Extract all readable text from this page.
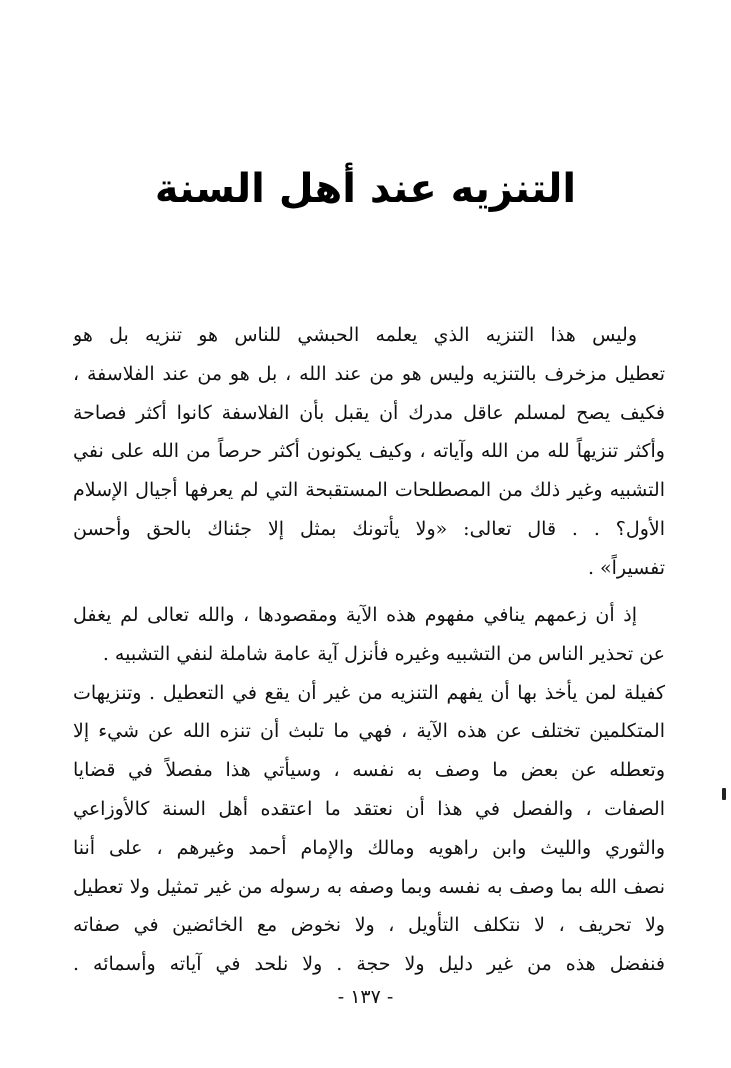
التنزيه عند أهل السنة
وليس هذا التنزيه الذي يعلمه الحبشي للناس هو تنزيه بل هو
تعطيل مزخرف بالتنزيه وليس هو من عند الله ، بل هو من عند الفلاسفة ،
فكيف يصح لمسلم عاقل مدرك أن يقبل بأن الفلاسفة كانوا أكثر فصاحة
وأكثر تنزيهاً لله من الله وآياته ، وكيف يكونون أكثر حرصاً من الله على نفي
التشبيه وغير ذلك من المصطلحات المستقبحة التي لم يعرفها أجيال الإسلام
الأول؟ . . قال تعالى: «ولا يأتونك بمثل إلا جئناك بالحق وأحسن
تفسيراً» .
إذ أن زعمهم ينافي مفهوم هذه الآية ومقصودها ، والله تعالى لم يغفل
عن تحذير الناس من التشبيه وغيره فأنزل آية عامة شاملة لنفي التشبيه .
كفيلة لمن يأخذ بها أن يفهم التنزيه من غير أن يقع في التعطيل . وتنزيهات
المتكلمين تختلف عن هذه الآية ، فهي ما تلبث أن تنزه الله عن شيء إلا
وتعطله عن بعض ما وصف به نفسه ، وسيأتي هذا مفصلاً في قضايا
الصفات ، والفصل في هذا أن نعتقد ما اعتقده أهل السنة كالأوزاعي
والثوري والليث وابن راهويه ومالك والإمام أحمد وغيرهم ، على أننا
نصف الله بما وصف به نفسه وبما وصفه به رسوله من غير تمثيل ولا تعطيل
ولا تحريف ، لا نتكلف التأويل ، ولا نخوض مع الخائضين في صفاته
فنفضل هذه من غير دليل ولا حجة . ولا نلحد في آياته وأسمائه .
- ١٣٧ -
